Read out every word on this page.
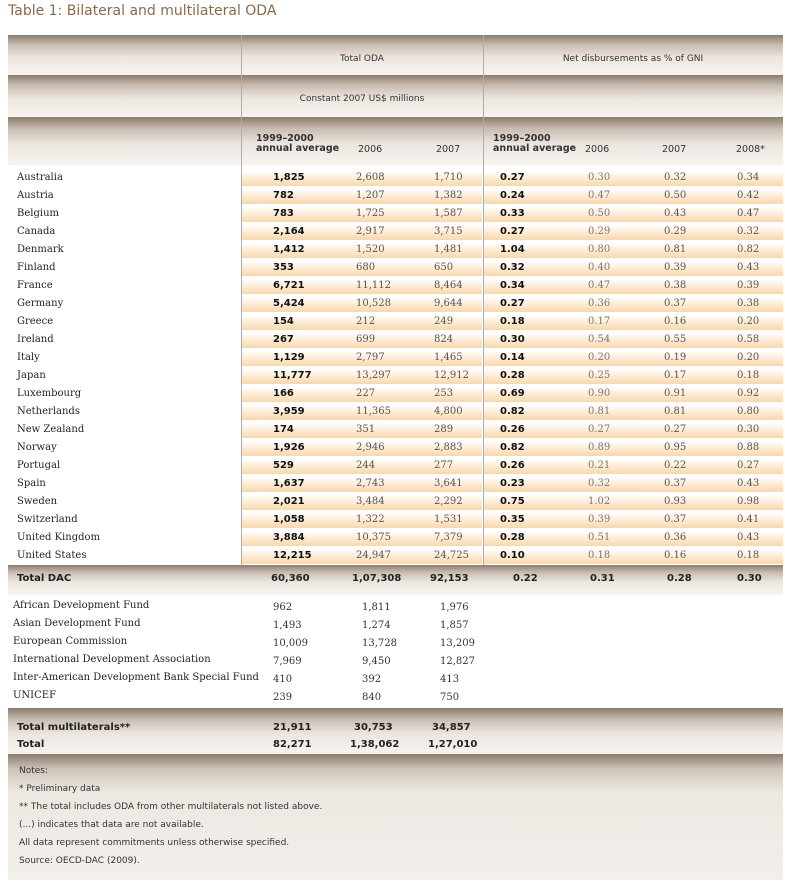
Table 1: Bilateral and multilateral ODA
Total ODA	Net disbursements as % of GNI
Constant 2007 US$ millions
1999–2000
annual average 2006	2007
1999–2000
annual average 2006	2007	2008*
Australia	1,825	2,608	1,710	0.27	0.30	0.32	0.34
Austria	782	1,207	1,382	0.24	0.47	0.50	0.42
Belgium	783	1,725	1,587	0.33	0.50	0.43	0.47
Canada	2,164	2,917	3,715	0.27	0.29	0.29	0.32
Denmark	1,412	1,520	1,481	1.04	0.80	0.81	0.82
Finland	353	680	650	0.32	0.40	0.39	0.43
France	6,721	11,112	8,464	0.34	0.47	0.38	0.39
Germany	5,424	10,528	9,644	0.27	0.36	0.37	0.38
Greece	154	212	249	0.18	0.17	0.16	0.20
Ireland	267	699	824	0.30	0.54	0.55	0.58
Italy	1,129	2,797	1,465	0.14	0.20	0.19	0.20
Japan	11,777	13,297	12,912	0.28	0.25	0.17	0.18
Luxembourg	166	227	253	0.69	0.90	0.91	0.92
Netherlands	3,959	11,365	4,800	0.82	0.81	0.81	0.80
New Zealand	174	351	289	0.26	0.27	0.27	0.30
Norway	1,926	2,946	2,883	0.82	0.89	0.95	0.88
Portugal	529	244	277	0.26	0.21	0.22	0.27
Spain	1,637	2,743	3,641	0.23	0.32	0.37	0.43
Sweden	2,021	3,484	2,292	0.75	1.02	0.93	0.98
Switzerland	1,058	1,322	1,531	0.35	0.39	0.37	0.41
United Kingdom	3,884	10,375	7,379	0.28	0.51	0.36	0.43
United States	12,215	24,947	24,725	0.10	0.18	0.16	0.18
Total DAC	60,360	1,07,308	92,153	0.22	0.31	0.28	0.30
African Development Fund	962	1,811	1,976
Asian Development Fund	1,493	1,274	1,857
European Commission	10,009	13,728	13,209
International Development Association	7,969	9,450	12,827
Inter-American Development Bank Special Fund 410	392	413
UNICEF	239	840	750
Total multilaterals**	21,911	30,753	34,857
Total	82,271	1,38,062	1,27,010
Notes:
* Preliminary data
** The total includes ODA from other multilaterals not listed above.
(...) indicates that data are not available.
All data represent commitments unless otherwise specified.
Source: OECD-DAC (2009).
